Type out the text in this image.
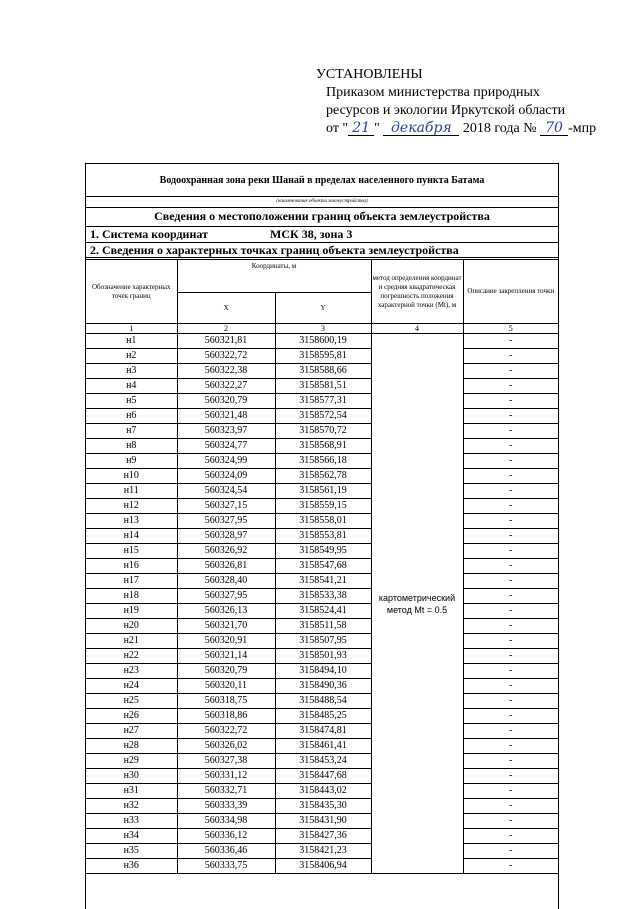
УСТАНОВЛЕНЫ
Приказом министерства природных
ресурсов и экологии Иркутской области
от " 21 " декабря 2018 года № 70 -мпр
Водоохранная зона реки Шанай в пределах населенного пункта Батама
(наименование объекта землеустройства)
Сведения о местоположении границ объекта землеустройства
1. Система координат	МСК 38, зона 3
2. Сведения о характерных точках границ объекта землеустройства
Обозначение характерных точек границ	Координаты, м		метод определения координат и средняя квадратическая погрешность положения характерной точки (Mt), м	Описание закрепления точки
	X	Y		
1	2	3	4	5
н1	560321,81	3158600,19	картометрический метод Mt = 0.5	-
н2	560322,72	3158595,81		-
н3	560322,38	3158588,66		-
н4	560322,27	3158581,51		-
н5	560320,79	3158577,31		-
н6	560321,48	3158572,54		-
н7	560323,97	3158570,72		-
н8	560324,77	3158568,91		-
н9	560324,99	3158566,18		-
н10	560324,09	3158562,78		-
н11	560324,54	3158561,19		-
н12	560327,15	3158559,15		-
н13	560327,95	3158558,01		-
н14	560328,97	3158553,81		-
н15	560326,92	3158549,95		-
н16	560326,81	3158547,68		-
н17	560328,40	3158541,21		-
н18	560327,95	3158533,38		-
н19	560326,13	3158524,41		-
н20	560321,70	3158511,58		-
н21	560320,91	3158507,95		-
н22	560321,14	3158501,93		-
н23	560320,79	3158494,10		-
н24	560320,11	3158490,36		-
н25	560318,75	3158488,54		-
н26	560318,86	3158485,25		-
н27	560322,72	3158474,81		-
н28	560326,02	3158461,41		-
н29	560327,38	3158453,24		-
н30	560331,12	3158447,68		-
н31	560332,71	3158443,02		-
н32	560333,39	3158435,30		-
н33	560334,98	3158431,90		-
н34	560336,12	3158427,36		-
н35	560336,46	3158421,23		-
н36	560333,75	3158406,94		-
